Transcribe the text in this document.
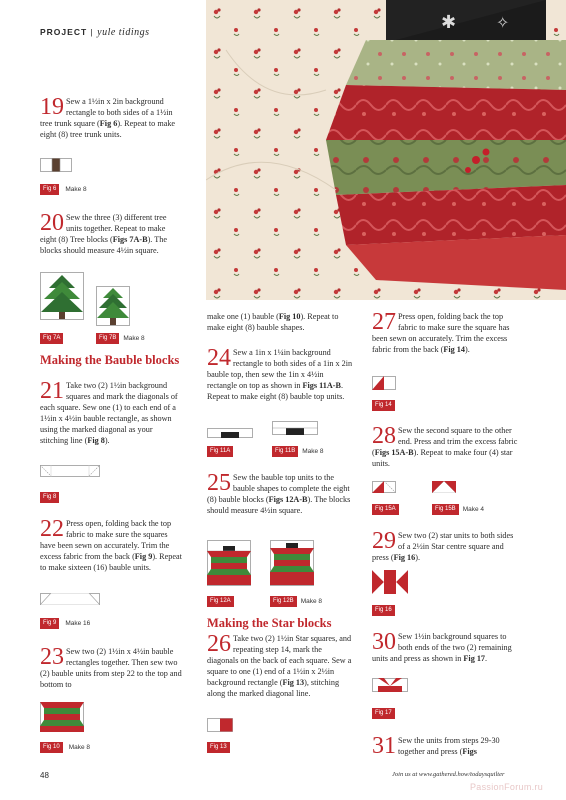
PROJECT | yule tidings	✱ ✧
19 Sew a 1½in x 2in background rectangle to both sides of a 1½in tree trunk square (Fig 6). Repeat to make eight (8) tree trunk units.
Fig 6 Make 8
20 Sew the three (3) different tree units together. Repeat to make eight (8) Tree blocks (Figs 7A-B). The blocks should measure 4½in square.
Fig 7A	Fig 7B Make 8
Making the Bauble blocks
21 Take two (2) 1½in background squares and mark the diagonals of each square. Sew one (1) to each end of a 1½in x 4½in bauble rectangle, as shown using the marked diagonal as your stitching line (Fig 8).
Fig 8
22 Press open, folding back the top fabric to make sure the squares have been sewn on accurately. Trim the excess fabric from the back (Fig 9). Repeat to make sixteen (16) bauble units.
Fig 9 Make 16
23 Sew two (2) 1½in x 4½in bauble rectangles together. Then sew two (2) bauble units from step 22 to the top and bottom to
Fig 10 Make 8
make one (1) bauble (Fig 10). Repeat to make eight (8) bauble shapes.
24 Sew a 1in x 1¼in background rectangle to both sides of a 1in x 2in bauble top, then sew the 1in x 4½in rectangle on top as shown in Figs 11A-B. Repeat to make eight (8) bauble top units.
Fig 11A	Fig 11B Make 8
25 Sew the bauble top units to the bauble shapes to complete the eight (8) bauble blocks (Figs 12A-B). The blocks should measure 4½in square.
Fig 12A	Fig 12B Make 8
Making the Star blocks
26 Take two (2) 1½in Star squares, and repeating step 14, mark the diagonals on the back of each square. Sew a square to one (1) end of a 1½in x 2½in background rectangle (Fig 13), stitching along the marked diagonal line.
Fig 13
27 Press open, folding back the top fabric to make sure the square has been sewn on accurately. Trim the excess fabric from the back (Fig 14).
Fig 14
28 Sew the second square to the other end. Press and trim the excess fabric (Figs 15A-B). Repeat to make four (4) star units.
Fig 15A	Fig 15B Make 4
29 Sew two (2) star units to both sides of a 2½in Star centre square and press (Fig 16).
Fig 16
30 Sew 1½in background squares to both ends of the two (2) remaining units and press as shown in Fig 17.
Fig 17
31 Sew the units from steps 29-30 together and press (Figs
48	Join us at www.gathered.how/todaysquilter
PassionForum.ru
